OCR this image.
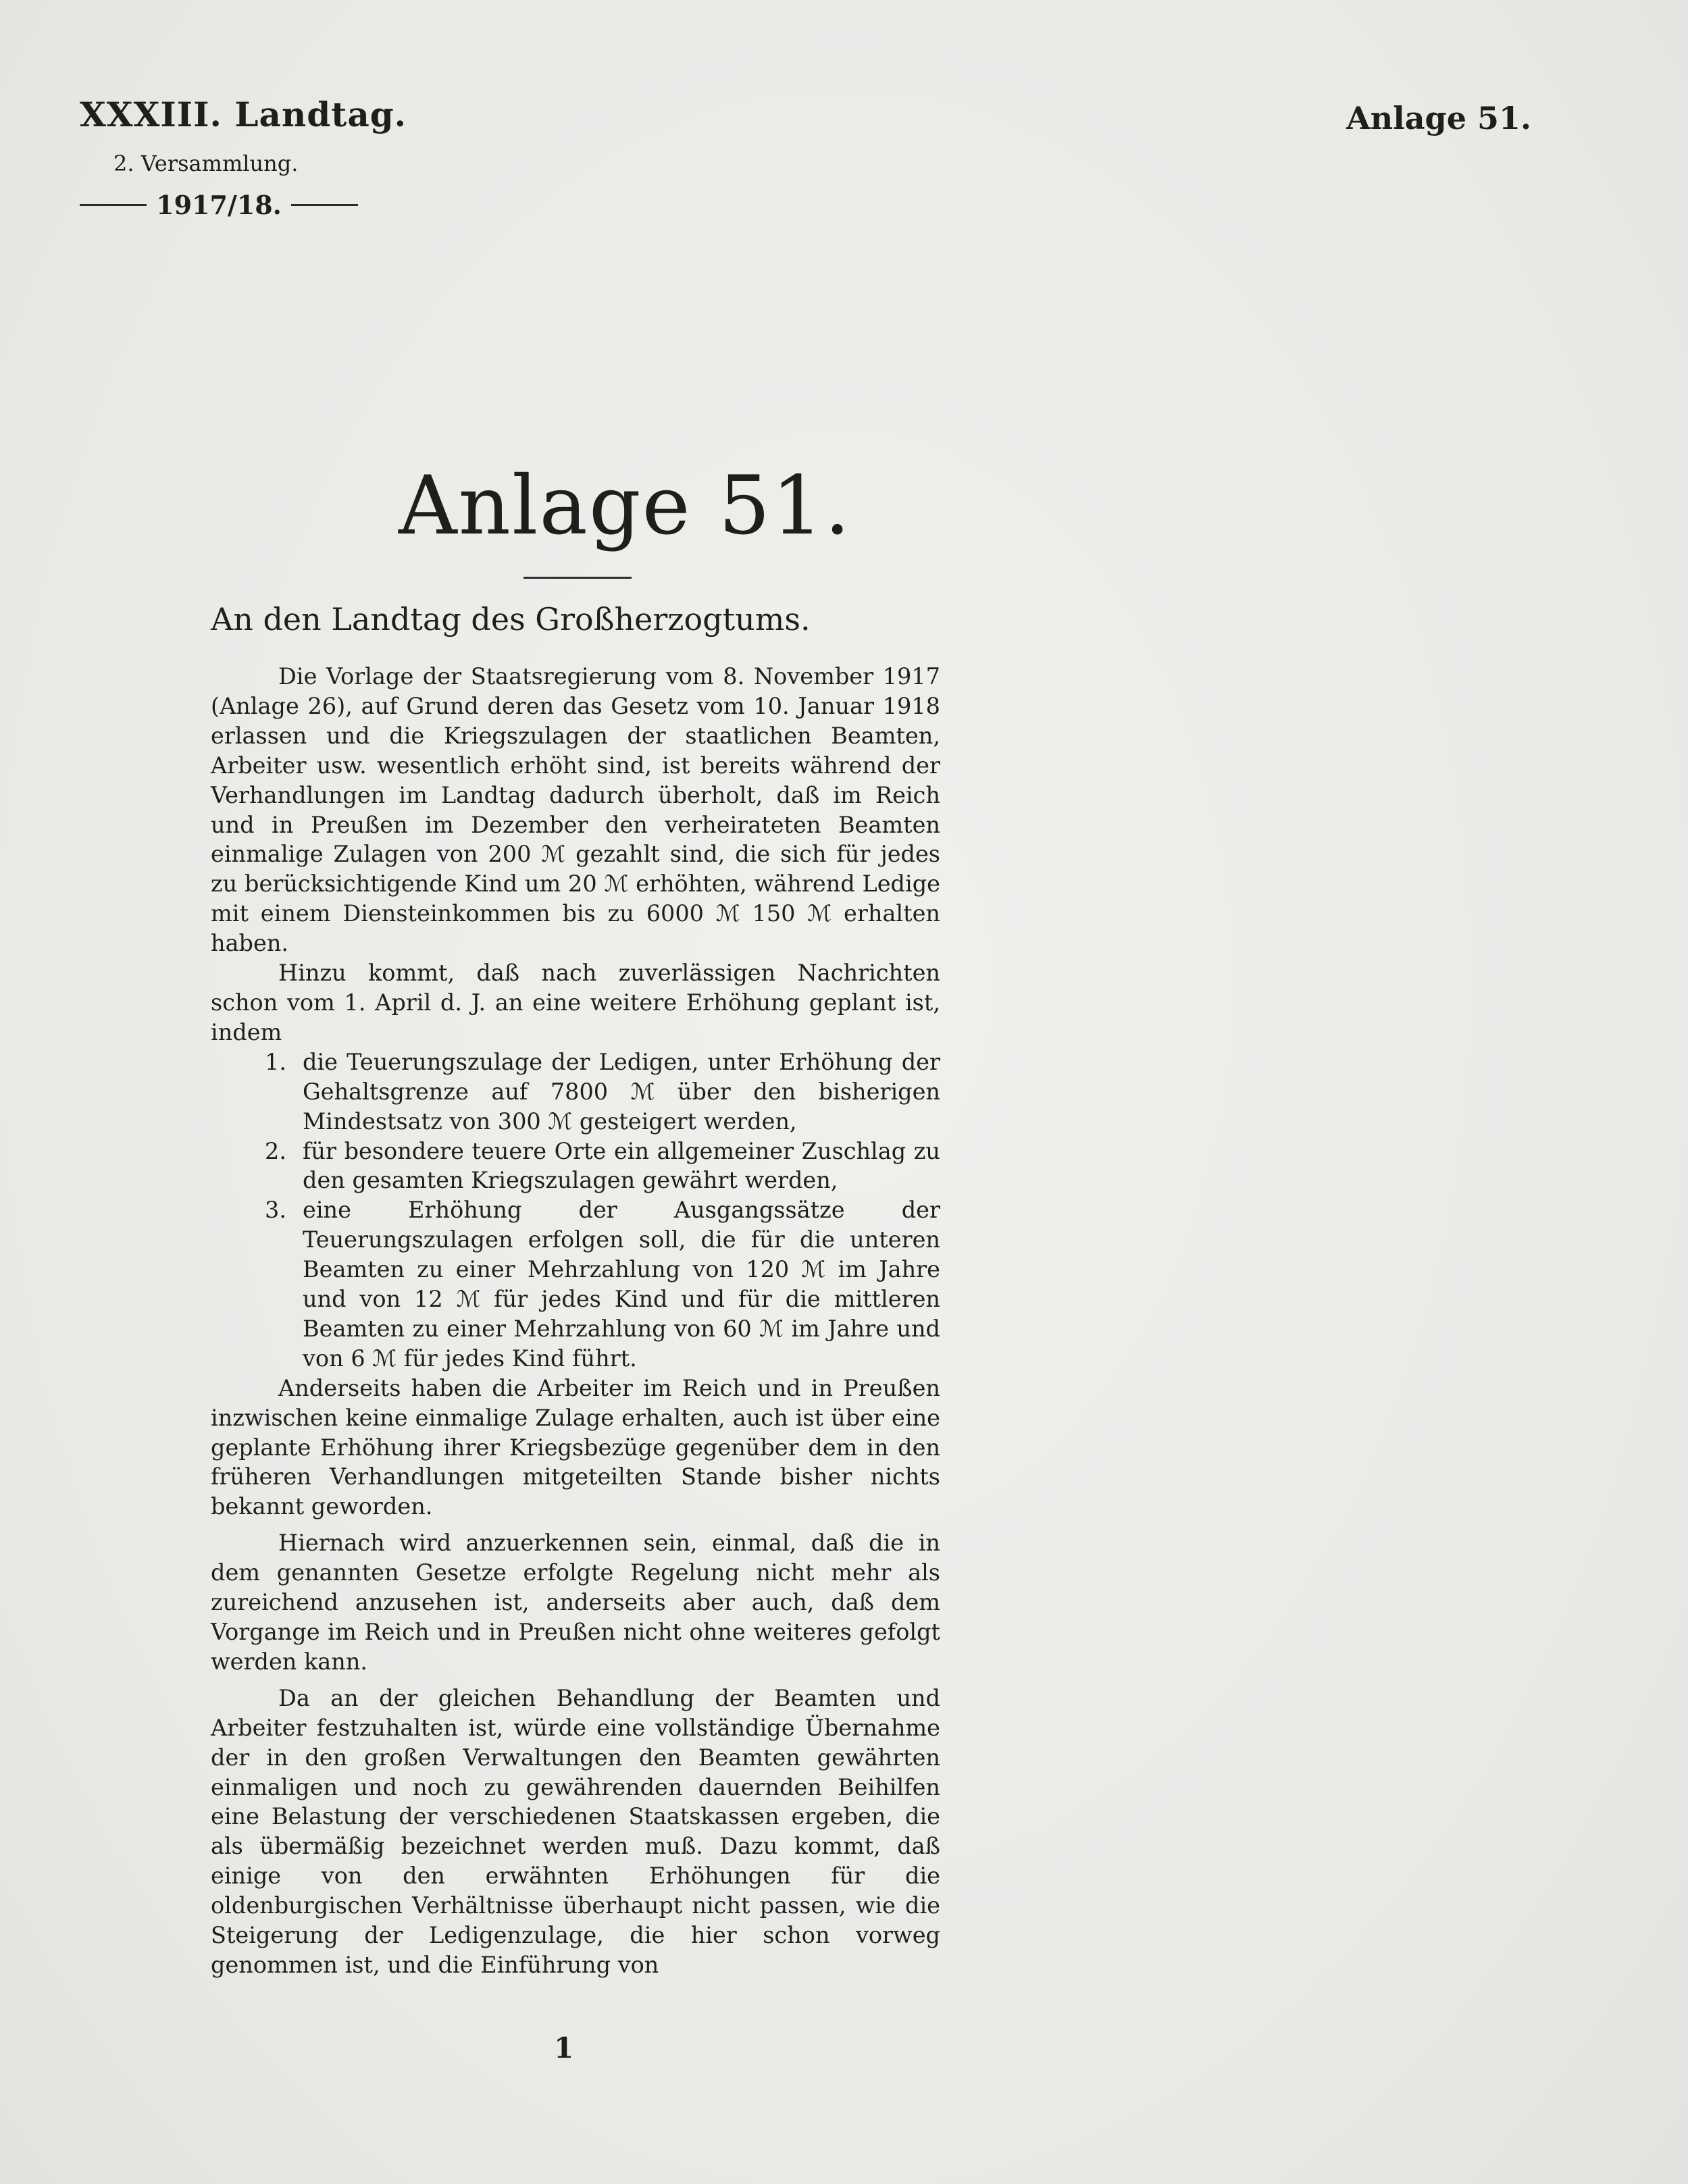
XXXIII. Landtag.
2. Versammlung.
1917/18.
Anlage 51.
Anlage 51.
An den Landtag des Großherzogtums.

Die Vorlage der Staatsregierung vom 8. November 1917 (Anlage 26), auf Grund deren das Gesetz vom 10. Januar 1918 erlassen und die Kriegszulagen der staatlichen Beamten, Arbeiter usw. wesentlich erhöht sind, ist bereits während der Verhandlungen im Landtag dadurch überholt, daß im Reich und in Preußen im Dezember den verheirateten Beamten einmalige Zulagen von 200 ℳ gezahlt sind, die sich für jedes zu berücksichtigende Kind um 20 ℳ erhöhten, während Ledige mit einem Diensteinkommen bis zu 6000 ℳ 150 ℳ erhalten haben.

Hinzu kommt, daß nach zuverlässigen Nachrichten schon vom 1. April d. J. an eine weitere Erhöhung geplant ist, indem

1. die Teuerungszulage der Ledigen, unter Erhöhung der Gehaltsgrenze auf 7800 ℳ über den bisherigen Mindestsatz von 300 ℳ gesteigert werden,
2. für besondere teuere Orte ein allgemeiner Zuschlag zu den gesamten Kriegszulagen gewährt werden,
3. eine Erhöhung der Ausgangssätze der Teuerungszulagen erfolgen soll, die für die unteren Beamten zu einer Mehrzahlung von 120 ℳ im Jahre und von 12 ℳ für jedes Kind und für die mittleren Beamten zu einer Mehrzahlung von 60 ℳ im Jahre und von 6 ℳ für jedes Kind führt.

Anderseits haben die Arbeiter im Reich und in Preußen inzwischen keine einmalige Zulage erhalten, auch ist über eine geplante Erhöhung ihrer Kriegsbezüge gegenüber dem in den früheren Verhandlungen mitgeteilten Stande bisher nichts bekannt geworden.

Hiernach wird anzuerkennen sein, einmal, daß die in dem genannten Gesetze erfolgte Regelung nicht mehr als zureichend anzusehen ist, anderseits aber auch, daß dem Vorgange im Reich und in Preußen nicht ohne weiteres gefolgt werden kann.

Da an der gleichen Behandlung der Beamten und Arbeiter festzuhalten ist, würde eine vollständige Übernahme der in den großen Verwaltungen den Beamten gewährten einmaligen und noch zu gewährenden dauernden Beihilfen eine Belastung der verschiedenen Staatskassen ergeben, die als übermäßig bezeichnet werden muß. Dazu kommt, daß einige von den erwähnten Erhöhungen für die oldenburgischen Verhältnisse überhaupt nicht passen, wie die Steigerung der Ledigenzulage, die hier schon vorweg genommen ist, und die Einführung von

1
